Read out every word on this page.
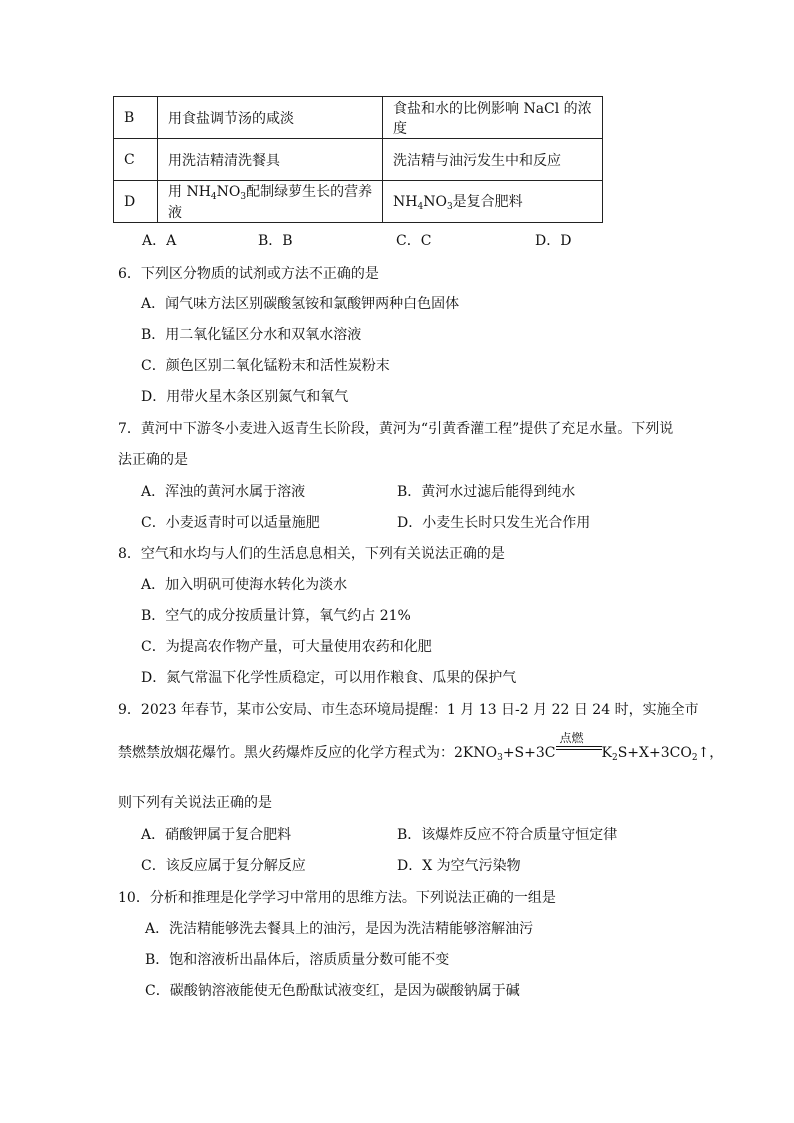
B	用食盐调节汤的咸淡	食盐和水的比例影响 NaCl 的浓度
C	用洗洁精清洗餐具	洗洁精与油污发生中和反应
D	用 $NH_4NO_3$配制绿萝生长的营养液	$NH_4NO_3$是复合肥料
A．A	B．B	C．C	D．D
6．下列区分物质的试剂或方法不正确的是
A．闻气味方法区别碳酸氢铵和氯酸钾两种白色固体
B．用二氧化锰区分水和双氧水溶液
C．颜色区别二氧化锰粉末和活性炭粉末
D．用带火星木条区别氮气和氧气
7．黄河中下游冬小麦进入返青生长阶段，黄河为“引黄香灌工程”提供了充足水量。下列说
法正确的是
A．浑浊的黄河水属于溶液	B．黄河水过滤后能得到纯水
C．小麦返青时可以适量施肥	D．小麦生长时只发生光合作用
8．空气和水均与人们的生活息息相关，下列有关说法正确的是
A．加入明矾可使海水转化为淡水
B．空气的成分按质量计算，氧气约占 21%
C．为提高农作物产量，可大量使用农药和化肥
D．氮气常温下化学性质稳定，可以用作粮食、瓜果的保护气
9．2023 年春节，某市公安局、市生态环境局提醒：1 月 13 日-2 月 22 日 24 时，实施全市
禁燃禁放烟花爆竹。黑火药爆炸反应的化学方程式为：$2KNO_3+S+3C$
点燃
$K_2S+X+3CO_2↑$，
则下列有关说法正确的是
A．硝酸钾属于复合肥料	B．该爆炸反应不符合质量守恒定律
C．该反应属于复分解反应	D．X 为空气污染物
10．分析和推理是化学学习中常用的思维方法。下列说法正确的一组是
A．洗洁精能够洗去餐具上的油污，是因为洗洁精能够溶解油污
B．饱和溶液析出晶体后，溶质质量分数可能不变
C．碳酸钠溶液能使无色酚酞试液变红，是因为碳酸钠属于碱
